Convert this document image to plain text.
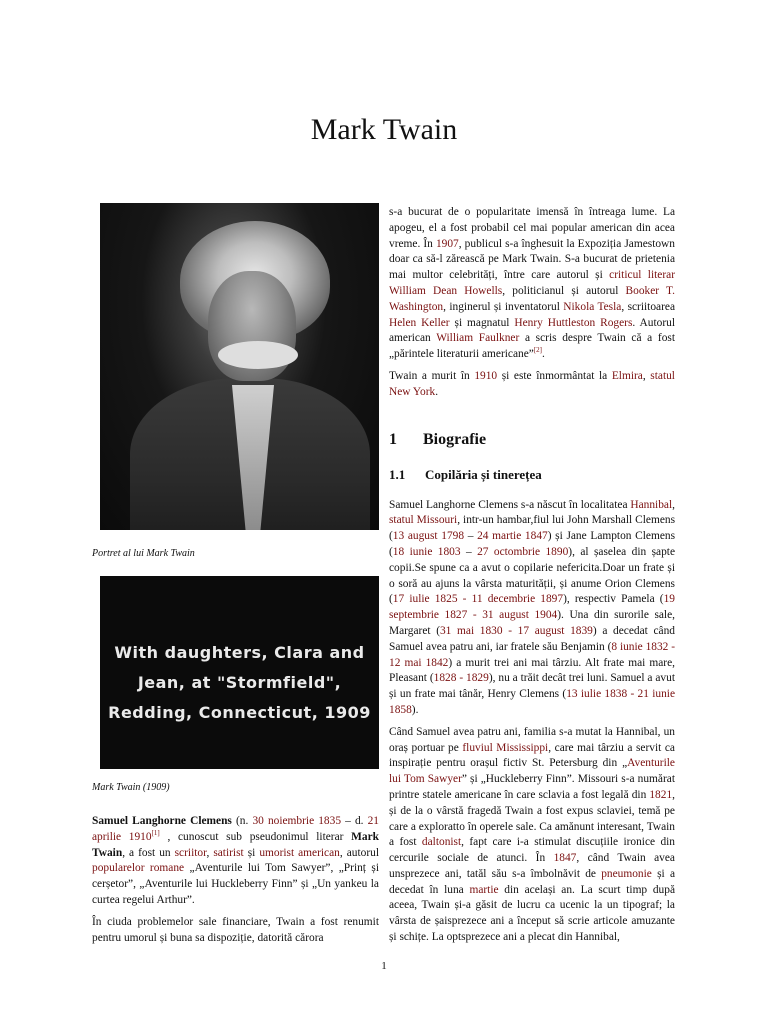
Mark Twain
Portret al lui Mark Twain
With daughters, Clara and
Jean, at "Stormfield",
Redding, Connecticut, 1909
Mark Twain (1909)

Samuel Langhorne Clemens (n. 30 noiembrie 1835 – d. 21 aprilie 1910[1] , cunoscut sub pseudonimul literar Mark Twain, a fost un scriitor, satirist și umorist american, autorul popularelor romane „Aventurile lui Tom Sawyer”, „Prinț și cerșetor”, „Aventurile lui Huckleberry Finn” și „Un yankeu la curtea regelui Arthur”.

În ciuda problemelor sale financiare, Twain a fost renumit pentru umorul și buna sa dispoziție, datorită cărora

s-a bucurat de o popularitate imensă în întreaga lume. La apogeu, el a fost probabil cel mai popular american din acea vreme. În 1907, publicul s-a înghesuit la Expoziția Jamestown doar ca să-l zărească pe Mark Twain. S-a bucurat de prietenia mai multor celebrități, între care autorul și criticul literar William Dean Howells, politicianul și autorul Booker T. Washington, inginerul și inventatorul Nikola Tesla, scriitoarea Helen Keller și magnatul Henry Huttleston Rogers. Autorul american William Faulkner a scris despre Twain că a fost „părintele literaturii americane”[2].

Twain a murit în 1910 și este înmormântat la Elmira, statul New York.

1 Biografie
1.1 Copilăria și tinerețea

Samuel Langhorne Clemens s-a născut în localitatea Hannibal, statul Missouri, intr-un hambar,fiul lui John Marshall Clemens (13 august 1798 – 24 martie 1847) și Jane Lampton Clemens (18 iunie 1803 – 27 octombrie 1890), al șaselea din șapte copii.Se spune ca a avut o copilarie nefericita.Doar un frate și o soră au ajuns la vârsta maturității, și anume Orion Clemens (17 iulie 1825 - 11 decembrie 1897), respectiv Pamela (19 septembrie 1827 - 31 august 1904). Una din surorile sale, Margaret (31 mai 1830 - 17 august 1839) a decedat când Samuel avea patru ani, iar fratele său Benjamin (8 iunie 1832 - 12 mai 1842) a murit trei ani mai târziu. Alt frate mai mare, Pleasant (1828 - 1829), nu a trăit decât trei luni. Samuel a avut și un frate mai tânăr, Henry Clemens (13 iulie 1838 - 21 iunie 1858).

Când Samuel avea patru ani, familia s-a mutat la Hannibal, un oraș portuar pe fluviul Mississippi, care mai târziu a servit ca inspirație pentru orașul fictiv St. Petersburg din „Aventurile lui Tom Sawyer” și „Huckleberry Finn”. Missouri s-a numărat printre statele americane în care sclavia a fost legală din 1821, și de la o vârstă fragedă Twain a fost expus sclaviei, temă pe care a exploratto în operele sale. Ca amănunt interesant, Twain a fost daltonist, fapt care i-a stimulat discuțiile ironice din cercurile sociale de atunci. În 1847, când Twain avea unsprezece ani, tatăl său s-a îmbolnăvit de pneumonie și a decedat în luna martie din același an. La scurt timp după aceea, Twain și-a găsit de lucru ca ucenic la un tipograf; la vârsta de șaisprezece ani a început să scrie articole amuzante și schițe. La optsprezece ani a plecat din Hannibal,

1
